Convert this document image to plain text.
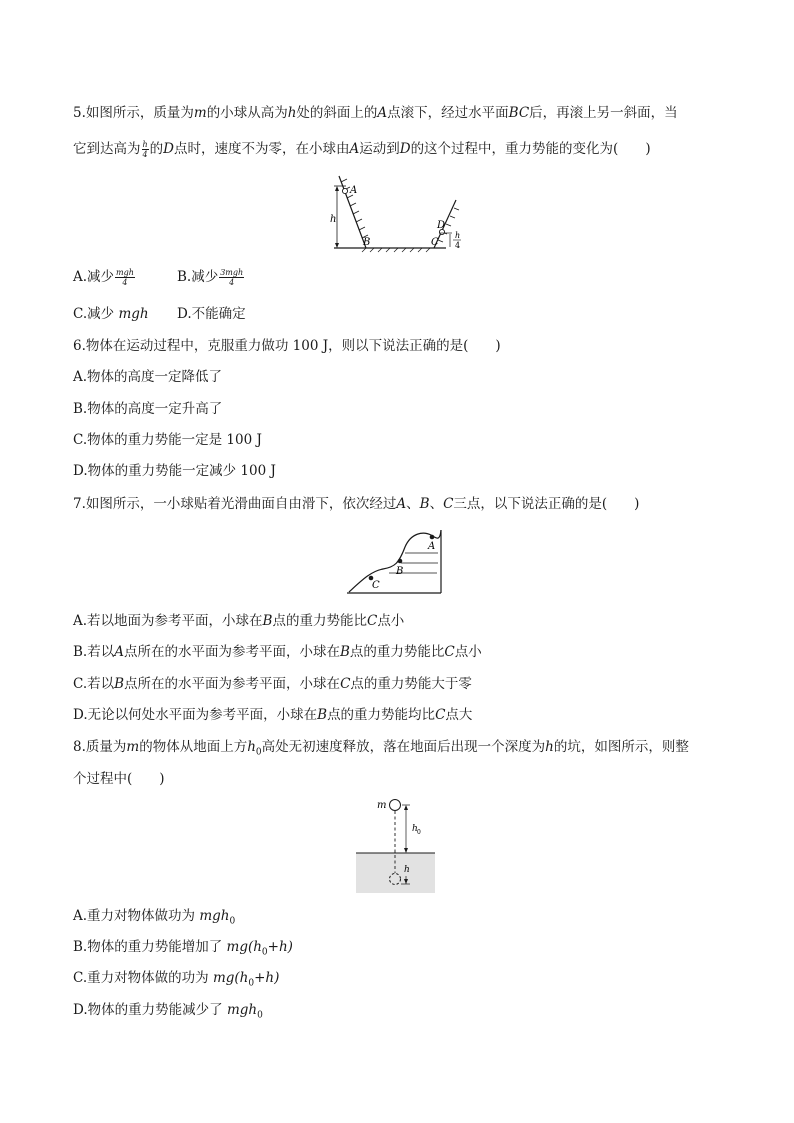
5.如图所示，质量为m的小球从高为h处的斜面上的A点滚下，经过水平面BC后，再滚上另一斜面，当
它到达高为 $\frac{h}{4}$ 的D点时，速度不为零，在小球由A运动到D的这个过程中，重力势能的变化为(　　)
A
h
B	C
D
h
4
A.减少 $\frac{\text{mgh}}{4}$	B.减少 $\frac{\text{3mgh}}{4}$
C.减少 mgh D.不能确定
6.物体在运动过程中，克服重力做功 100 J，则以下说法正确的是(　　)
A.物体的高度一定降低了
B.物体的高度一定升高了
C.物体的重力势能一定是 100 J
D.物体的重力势能一定减少 100 J
7.如图所示，一小球贴着光滑曲面自由滑下，依次经过A、B、C三点，以下说法正确的是(　　)
C
B
A
A.若以地面为参考平面，小球在B点的重力势能比C点小
B.若以A点所在的水平面为参考平面，小球在B点的重力势能比C点小
C.若以B点所在的水平面为参考平面，小球在C点的重力势能大于零
D.无论以何处水平面为参考平面，小球在B点的重力势能均比C点大
8.质量为m的物体从地面上方$h_0$高处无初速度释放，落在地面后出现一个深度为h的坑，如图所示，则整
个过程中(　　)
m
h 0
h
A.重力对物体做功为 mgh$_0$
B.物体的重力势能增加了 $mg(h_0+h)$
C.重力对物体做的功为 $mg(h_0+h)$
D.物体的重力势能减少了 mgh$_0$
